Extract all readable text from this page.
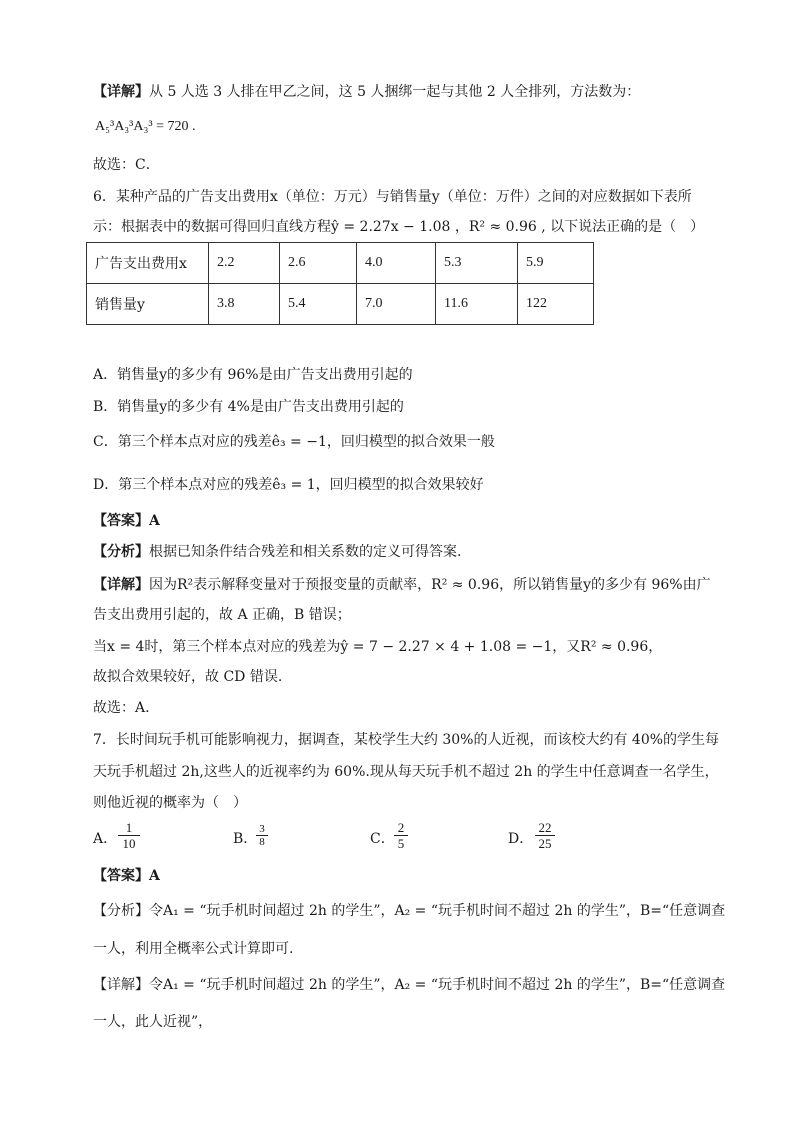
【详解】从 5 人选 3 人排在甲乙之间，这 5 人捆绑一起与其他 2 人全排列，方法数为：
A₅³A₃³A₃³ = 720 .
故选：C．
6．某种产品的广告支出费用x（单位：万元）与销售量y（单位：万件）之间的对应数据如下表所
示：根据表中的数据可得回归直线方程ŷ = 2.27x − 1.08 ，R² ≈ 0.96 , 以下说法正确的是（　）
广告支出费用x	2.2	2.6	4.0	5.3	5.9
销售量y	3.8	5.4	7.0	11.6	122
A．销售量y的多少有 96%是由广告支出费用引起的
B．销售量y的多少有 4%是由广告支出费用引起的
C．第三个样本点对应的残差ê₃ = −1，回归模型的拟合效果一般
D．第三个样本点对应的残差ê₃ = 1，回归模型的拟合效果较好
【答案】A
【分析】根据已知条件结合残差和相关系数的定义可得答案.
【详解】因为R²表示解释变量对于预报变量的贡献率，R² ≈ 0.96，所以销售量y的多少有 96%由广
告支出费用引起的，故 A 正确，B 错误；
当x = 4时，第三个样本点对应的残差为ŷ = 7 − 2.27 × 4 + 1.08 = −1，又R² ≈ 0.96，
故拟合效果较好，故 CD 错误.
故选：A.
7．长时间玩手机可能影响视力，据调查，某校学生大约 30%的人近视，而该校大约有 40%的学生每
天玩手机超过 2h,这些人的近视率约为 60%.现从每天玩手机不超过 2h 的学生中任意调查一名学生，
则他近视的概率为（　）
A．
1
10	B．
3
8	C．
2
5	D．
22
25
【答案】A
【分析】令A₁ = “玩手机时间超过 2h 的学生”，A₂ = “玩手机时间不超过 2h 的学生”，B=“任意调查
一人，利用全概率公式计算即可.
【详解】令A₁ = “玩手机时间超过 2h 的学生”，A₂ = “玩手机时间不超过 2h 的学生”，B=“任意调查
一人，此人近视”，
